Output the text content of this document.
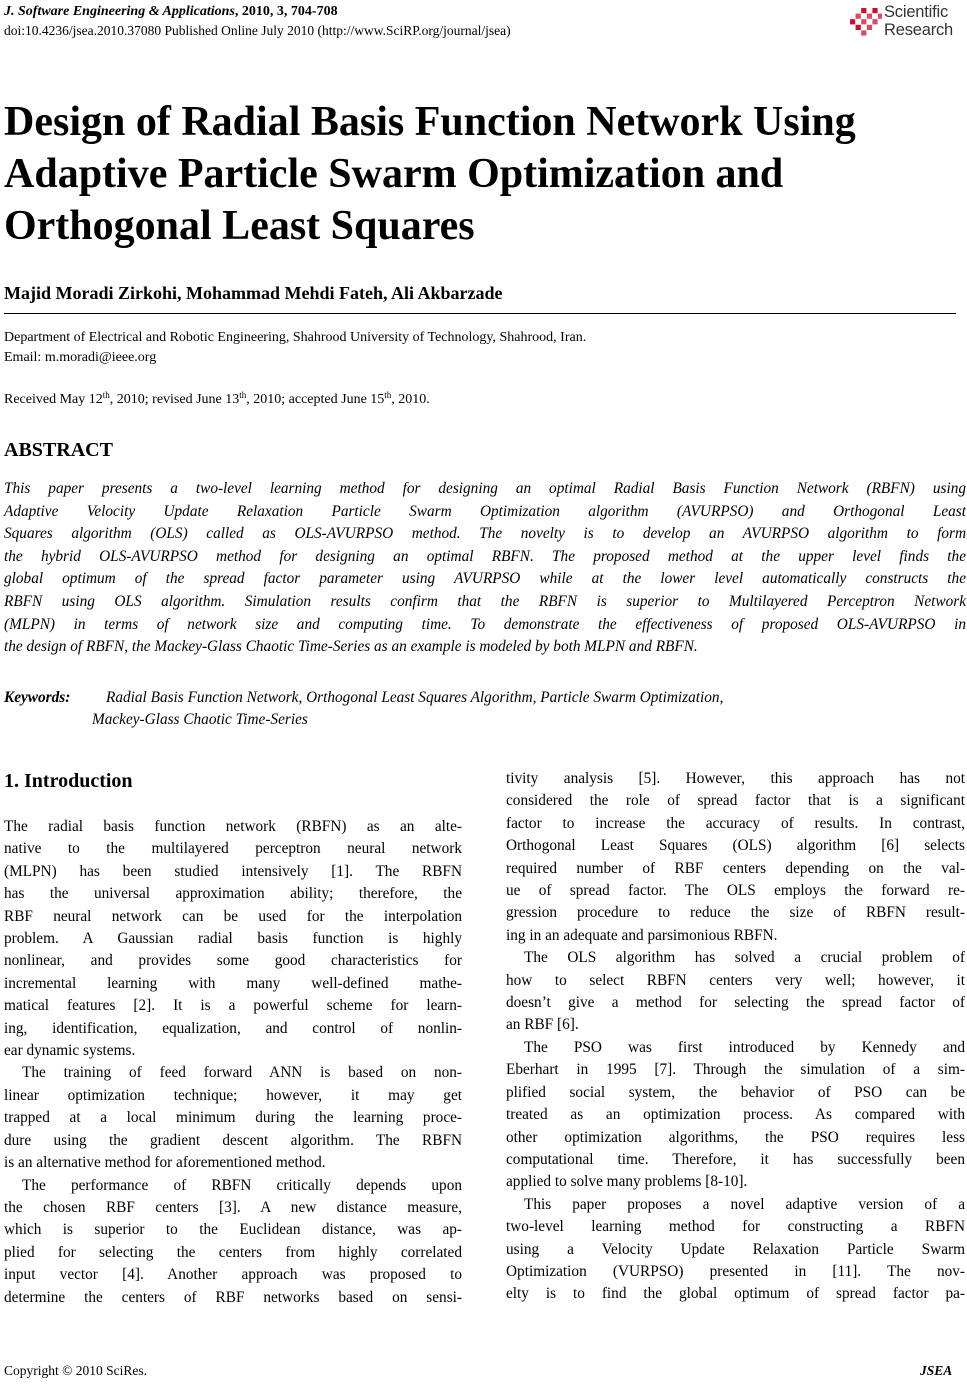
J. Software Engineering & Applications, 2010, 3, 704-708
doi:10.4236/jsea.2010.37080 Published Online July 2010 (http://www.SciRP.org/journal/jsea)
Scientific
Research
Design of Radial Basis Function Network Using
Adaptive Particle Swarm Optimization and
Orthogonal Least Squares
Majid Moradi Zirkohi, Mohammad Mehdi Fateh, Ali Akbarzade
Department of Electrical and Robotic Engineering, Shahrood University of Technology, Shahrood, Iran.
Email: m.moradi@ieee.org
Received May 12th, 2010; revised June 13th, 2010; accepted June 15th, 2010.
ABSTRACT
This paper presents a two-level learning method for designing an optimal Radial Basis Function Network (RBFN) using
Adaptive Velocity Update Relaxation Particle Swarm Optimization algorithm (AVURPSO) and Orthogonal Least
Squares algorithm (OLS) called as OLS-AVURPSO method. The novelty is to develop an AVURPSO algorithm to form
the hybrid OLS-AVURPSO method for designing an optimal RBFN. The proposed method at the upper level finds the
global optimum of the spread factor parameter using AVURPSO while at the lower level automatically constructs the
RBFN using OLS algorithm. Simulation results confirm that the RBFN is superior to Multilayered Perceptron Network
(MLPN) in terms of network size and computing time. To demonstrate the effectiveness of proposed OLS-AVURPSO in
the design of RBFN, the Mackey-Glass Chaotic Time-Series as an example is modeled by both MLPN and RBFN.
Keywords: Radial Basis Function Network, Orthogonal Least Squares Algorithm, Particle Swarm Optimization,
Mackey-Glass Chaotic Time-Series
1. Introduction
The radial basis function network (RBFN) as an alte-
native to the multilayered perceptron neural network
(MLPN) has been studied intensively [1]. The RBFN
has the universal approximation ability; therefore, the
RBF neural network can be used for the interpolation
problem. A Gaussian radial basis function is highly
nonlinear, and provides some good characteristics for
incremental learning with many well-defined mathe-
matical features [2]. It is a powerful scheme for learn-
ing, identification, equalization, and control of nonlin-
ear dynamic systems.
The training of feed forward ANN is based on non-
linear optimization technique; however, it may get
trapped at a local minimum during the learning proce-
dure using the gradient descent algorithm. The RBFN
is an alternative method for aforementioned method.
The performance of RBFN critically depends upon
the chosen RBF centers [3]. A new distance measure,
which is superior to the Euclidean distance, was ap-
plied for selecting the centers from highly correlated
input vector [4]. Another approach was proposed to
determine the centers of RBF networks based on sensi-
tivity analysis [5]. However, this approach has not
considered the role of spread factor that is a significant
factor to increase the accuracy of results. In contrast,
Orthogonal Least Squares (OLS) algorithm [6] selects
required number of RBF centers depending on the val-
ue of spread factor. The OLS employs the forward re-
gression procedure to reduce the size of RBFN result-
ing in an adequate and parsimonious RBFN.
The OLS algorithm has solved a crucial problem of
how to select RBFN centers very well; however, it
doesn’t give a method for selecting the spread factor of
an RBF [6].
The PSO was first introduced by Kennedy and
Eberhart in 1995 [7]. Through the simulation of a sim-
plified social system, the behavior of PSO can be
treated as an optimization process. As compared with
other optimization algorithms, the PSO requires less
computational time. Therefore, it has successfully been
applied to solve many problems [8-10].
This paper proposes a novel adaptive version of a
two-level learning method for constructing a RBFN
using a Velocity Update Relaxation Particle Swarm
Optimization (VURPSO) presented in [11]. The nov-
elty is to find the global optimum of spread factor pa-
Copyright © 2010 SciRes.	JSEA
